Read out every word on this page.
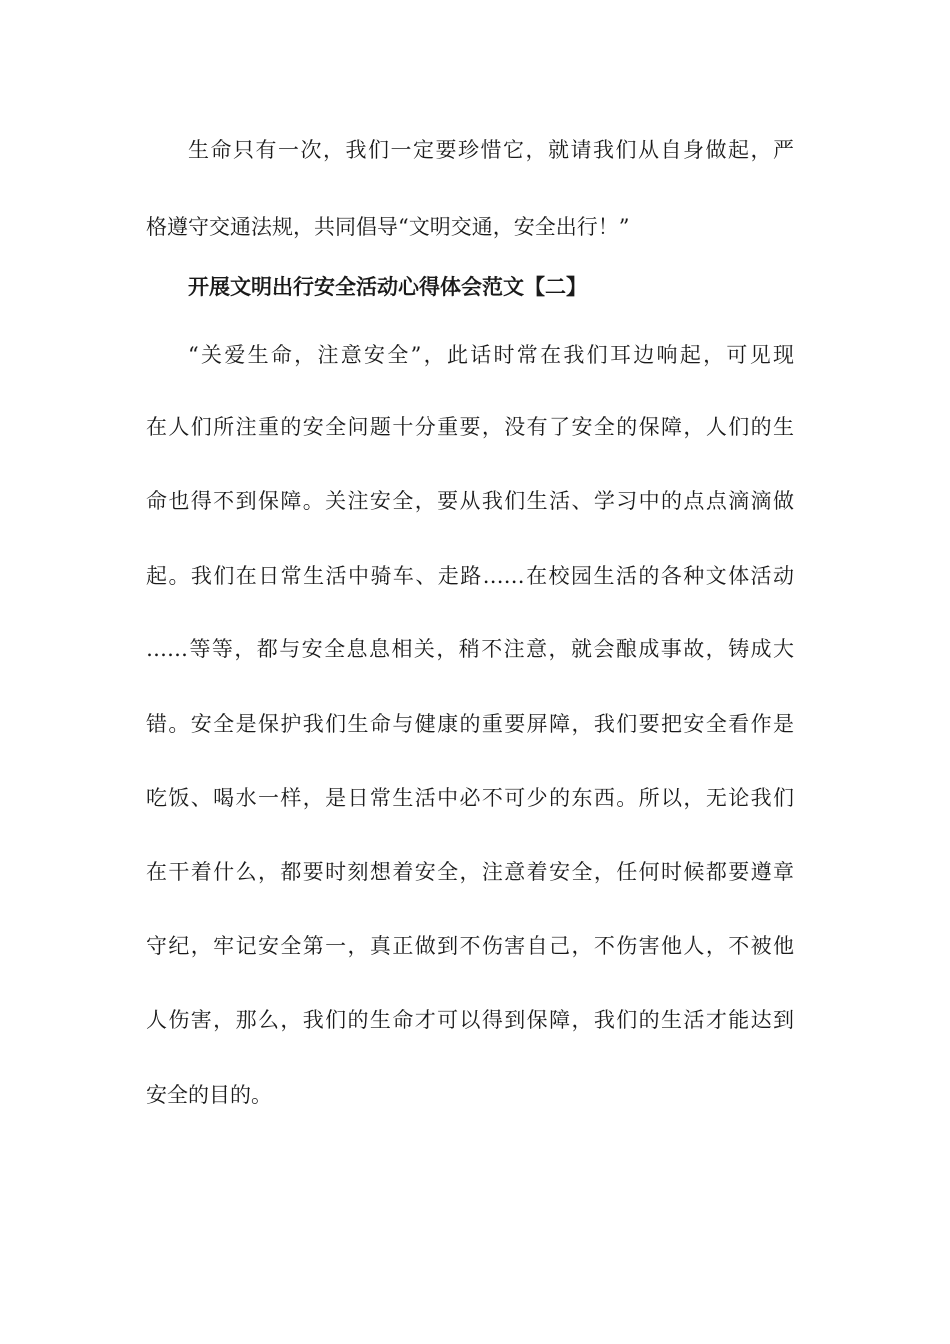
生命只有一次，我们一定要珍惜它，就请我们从自身做起，严
格遵守交通法规，共同倡导“文明交通，安全出行！”
开展文明出行安全活动心得体会范文【二】
“关爱生命，注意安全”，此话时常在我们耳边响起，可见现
在人们所注重的安全问题十分重要，没有了安全的保障，人们的生
命也得不到保障。关注安全，要从我们生活、学习中的点点滴滴做
起。我们在日常生活中骑车、走路……在校园生活的各种文体活动
……等等，都与安全息息相关，稍不注意，就会酿成事故，铸成大
错。安全是保护我们生命与健康的重要屏障，我们要把安全看作是
吃饭、喝水一样，是日常生活中必不可少的东西。所以，无论我们
在干着什么，都要时刻想着安全，注意着安全，任何时候都要遵章
守纪，牢记安全第一，真正做到不伤害自己，不伤害他人，不被他
人伤害，那么，我们的生命才可以得到保障，我们的生活才能达到
安全的目的。
